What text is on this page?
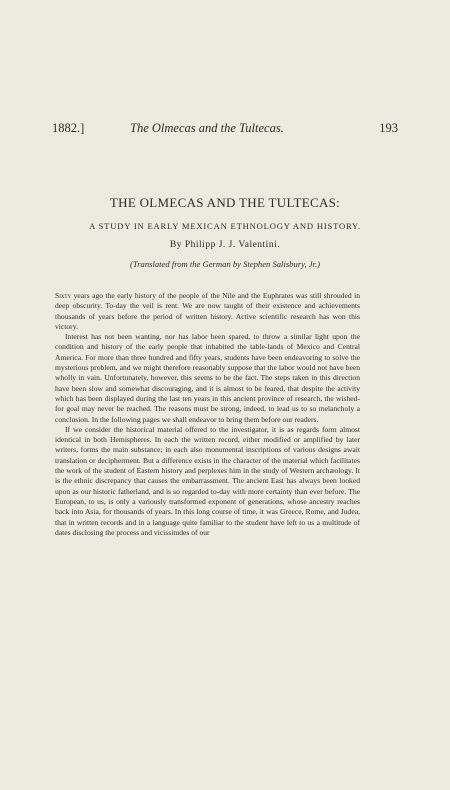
1882.]	The Olmecas and the Tultecas.	193
THE OLMECAS AND THE TULTECAS:
A STUDY IN EARLY MEXICAN ETHNOLOGY AND HISTORY.
By Philipp J. J. Valentini.
(Translated from the German by Stephen Salisbury, Jr.)

Sixty years ago the early history of the people of the Nile and the Euphrates was still shrouded in deep obscurity. To-day the veil is rent. We are now taught of their existence and achievements thousands of years before the period of written history. Active scientific research has won this victory.

Interest has not been wanting, nor has labor been spared, to throw a similar light upon the condition and history of the early people that inhabited the table-lands of Mexico and Central America. For more than three hundred and fifty years, students have been endeavoring to solve the mysterious problem, and we might therefore reasonably suppose that the labor would not have been wholly in vain. Unfortunately, however, this seems to be the fact. The steps taken in this direction have been slow and somewhat discouraging, and it is almost to be feared, that despite the activity which has been displayed during the last ten years in this ancient province of research, the wished-for goal may never be reached. The reasons must be strong, indeed, to lead us to so melancholy a conclusion. In the following pages we shall endeavor to bring them before our readers.

If we consider the historical material offered to the investigator, it is as regards form almost identical in both Hemispheres. In each the written record, either modified or amplified by later writers, forms the main substance; in each also monumental inscriptions of various designs await translation or decipherment. But a difference exists in the character of the material which facilitates the work of the student of Eastern history and perplexes him in the study of Western archæology. It is the ethnic discrepancy that causes the embarrassment. The ancient East has always been looked upon as our historic fatherland, and is so regarded to-day with more certainty than ever before. The European, to us, is only a variously transformed exponent of generations, whose ancestry reaches back into Asia, for thousands of years. In this long course of time, it was Greece, Rome, and Judea, that in written records and in a language quite familiar to the student have left to us a multitude of dates disclosing the process and vicissitudes of our
